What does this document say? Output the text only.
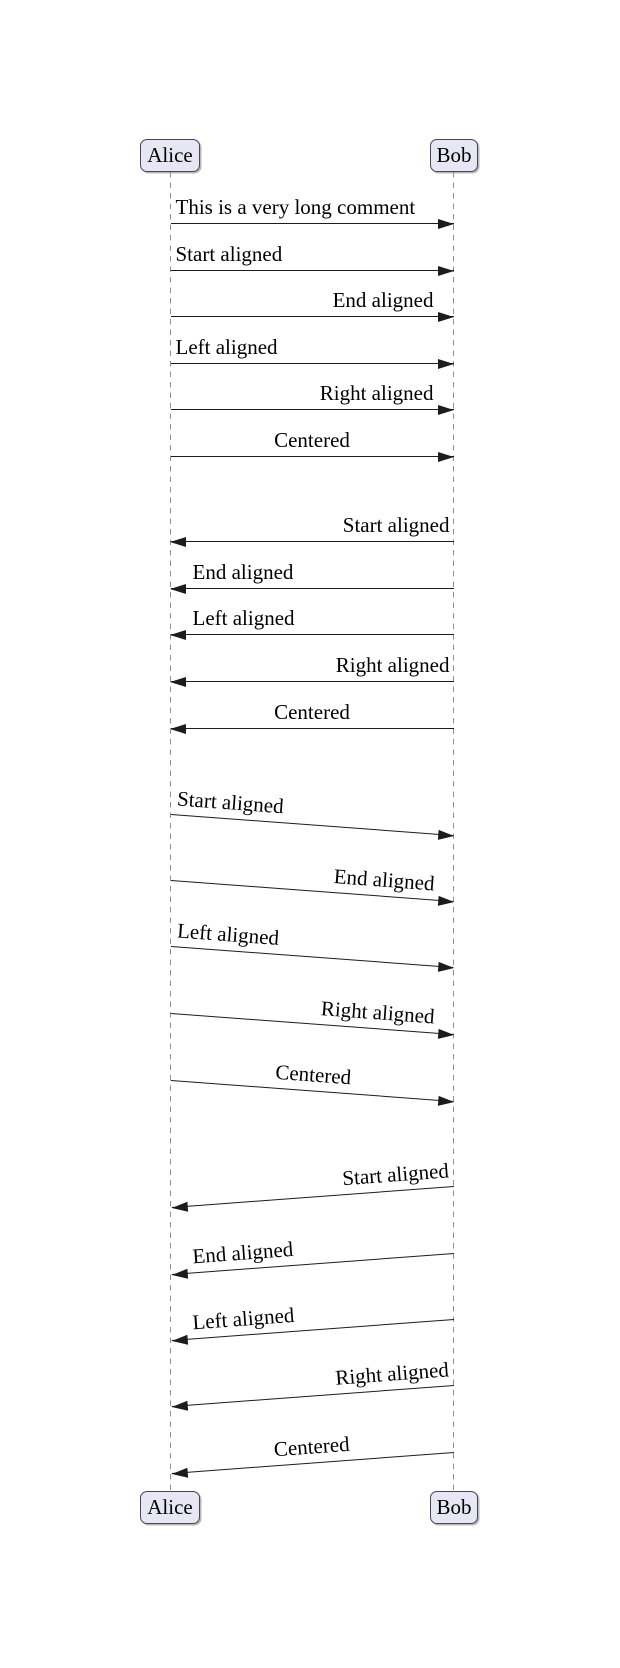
Alice	Bob
Alice	Bob
This is a very long comment
Start aligned
End aligned
Left aligned
Right aligned
Centered
Start aligned
End aligned
Left aligned
Right aligned
Centered
Start aligned
End aligned
Left aligned
Right aligned
Centered
Start aligned
End aligned
Left aligned
Right aligned
Centered
